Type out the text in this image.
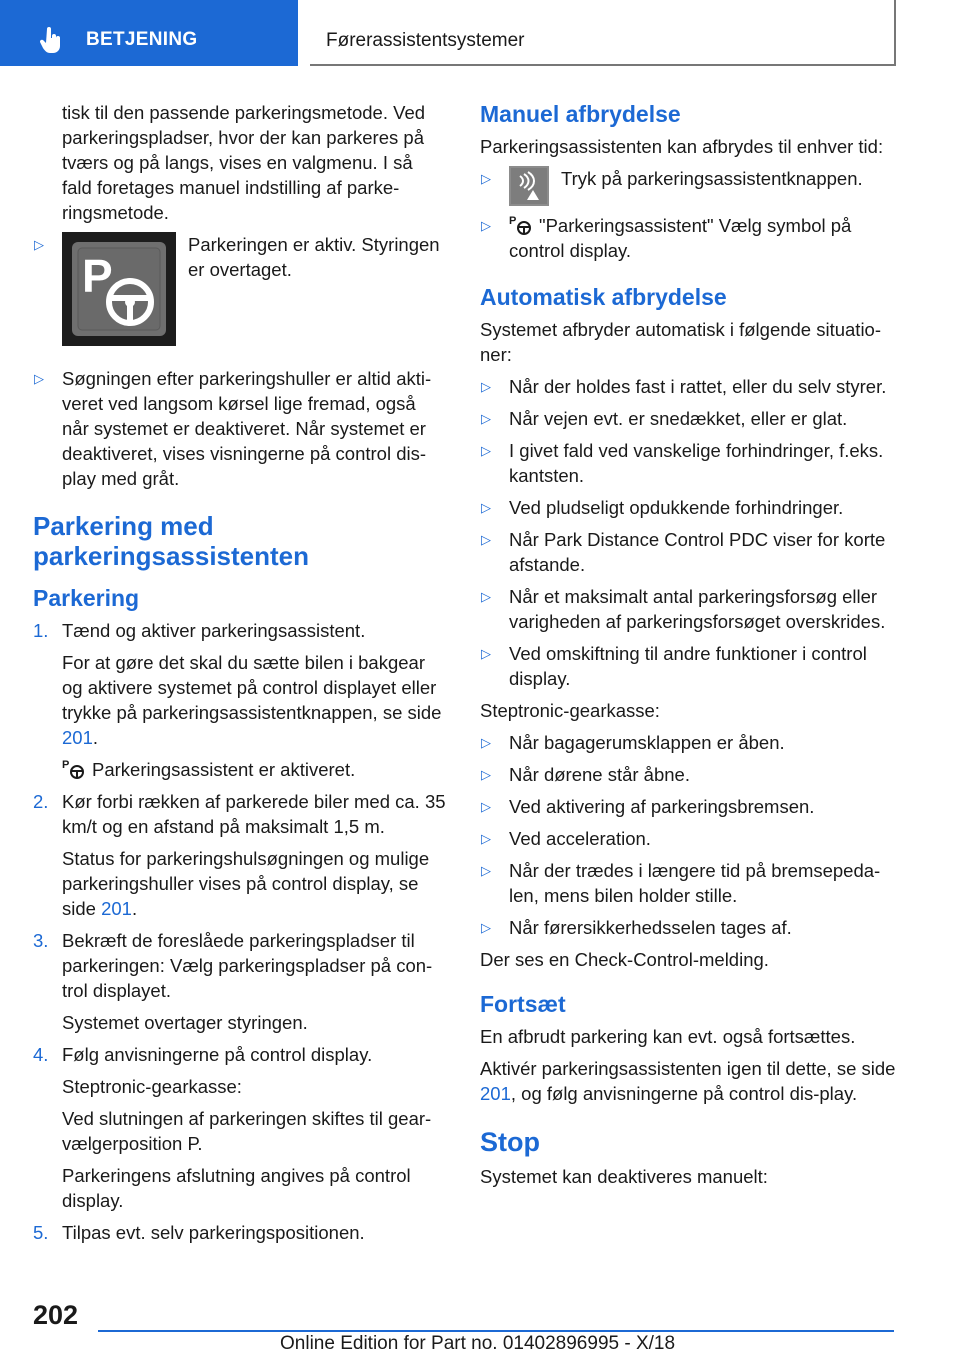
BETJENING	Førerassistentsystemer

tisk til den passende parkeringsmetode. Ved parkeringspladser, hvor der kan parkeres på tværs og på langs, vises en valgmenu. I så fald foretages manuel indstilling af parke-ringsmetode.

▷
P
Parkeringen er aktiv. Styringen er overtaget.
▷ Søgningen efter parkeringshuller er altid akti-veret ved langsom kørsel lige fremad, også når systemet er deaktiveret. Når systemet er deaktiveret, vises visningerne på control dis-play med gråt.
Parkering med parkeringsassistenten
Parkering
1. Tænd og aktiver parkeringsassistent.
For at gøre det skal du sætte bilen i bakgear og aktivere systemet på control displayet eller trykke på parkeringsassistentknappen, se side 201.
P Parkeringsassistent er aktiveret.
2. Kør forbi rækken af parkerede biler med ca. 35 km/t og en afstand på maksimalt 1,5 m.
Status for parkeringshulsøgningen og mulige parkeringshuller vises på control display, se side 201.
3. Bekræft de foreslåede parkeringspladser til parkeringen: Vælg parkeringspladser på con-trol displayet.
Systemet overtager styringen.
4. Følg anvisningerne på control display.
Steptronic-gearkasse:
Ved slutningen af parkeringen skiftes til gear-vælgerposition P.
Parkeringens afslutning angives på control display.
5. Tilpas evt. selv parkeringspositionen.
Manuel afbrydelse

Parkeringsassistenten kan afbrydes til enhver tid:

▷	Tryk på parkeringsassistentknappen.
▷ P "Parkeringsassistent" Vælg symbol på control display.
Automatisk afbrydelse

Systemet afbryder automatisk i følgende situatio-ner:

▷ Når der holdes fast i rattet, eller du selv styrer.
▷ Når vejen evt. er snedækket, eller er glat.
▷ I givet fald ved vanskelige forhindringer, f.eks. kantsten.
▷ Ved pludseligt opdukkende forhindringer.
▷ Når Park Distance Control PDC viser for korte afstande.
▷ Når et maksimalt antal parkeringsforsøg eller varigheden af parkeringsforsøget overskrides.
▷ Ved omskiftning til andre funktioner i control display.

Steptronic-gearkasse:

▷ Når bagagerumsklappen er åben.
▷ Når dørene står åbne.
▷ Ved aktivering af parkeringsbremsen.
▷ Ved acceleration.
▷ Når der trædes i længere tid på bremsepeda-len, mens bilen holder stille.
▷ Når førersikkerhedsselen tages af.

Der ses en Check-Control-melding.

Fortsæt

En afbrudt parkering kan evt. også fortsættes.

Aktivér parkeringsassistenten igen til dette, se side 201, og følg anvisningerne på control dis-play.

Stop

Systemet kan deaktiveres manuelt:

202
Online Edition for Part no. 01402896995 - X/18
